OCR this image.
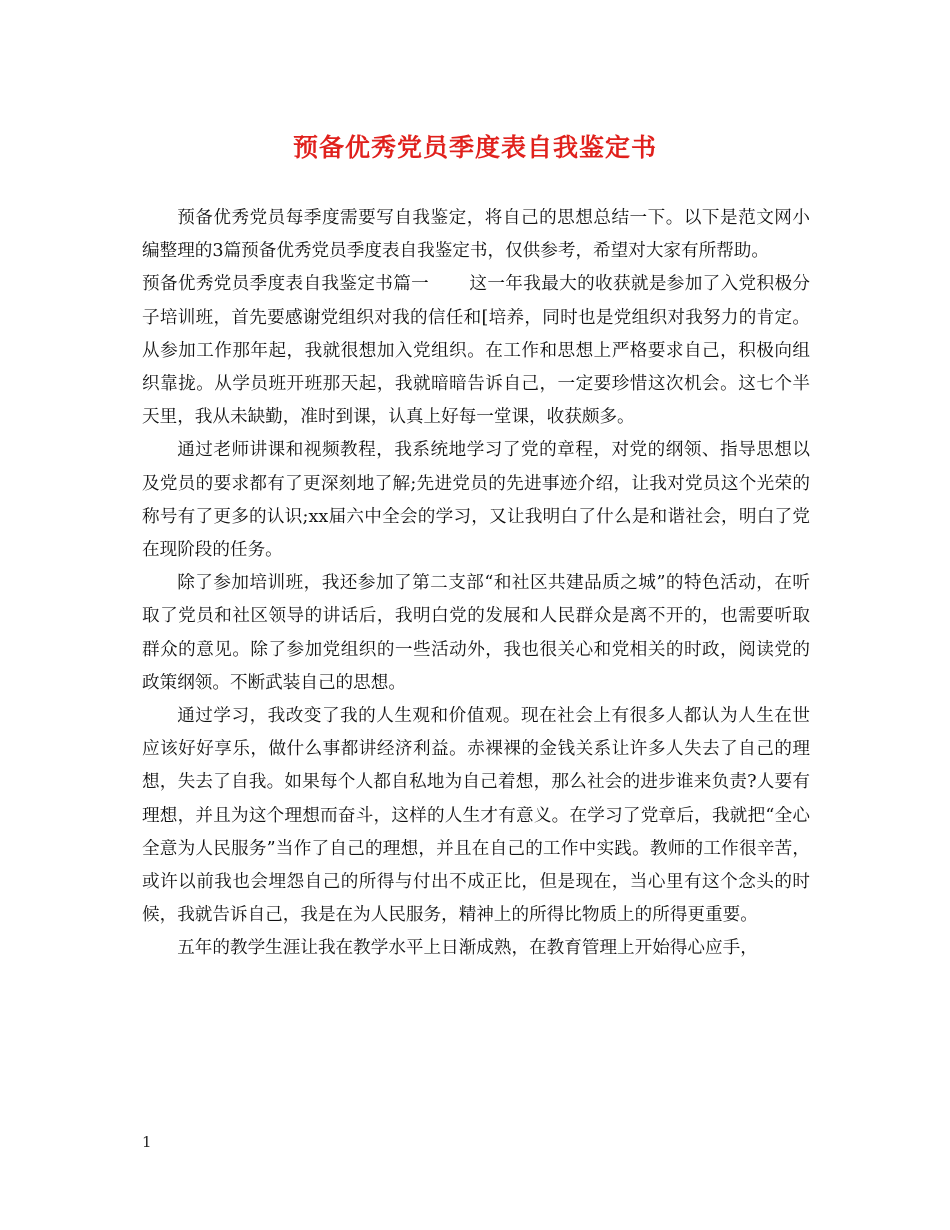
预备优秀党员季度表自我鉴定书

预备优秀党员每季度需要写自我鉴定，将自己的思想总结一下。以下是范文网小编整理的3篇预备优秀党员季度表自我鉴定书，仅供参考，希望对大家有所帮助。

预备优秀党员季度表自我鉴定书篇一 这一年我最大的收获就是参加了入党积极分子培训班，首先要感谢党组织对我的信任和[培养，同时也是党组织对我努力的肯定。从参加工作那年起，我就很想加入党组织。在工作和思想上严格要求自己，积极向组织靠拢。从学员班开班那天起，我就暗暗告诉自己，一定要珍惜这次机会。这七个半天里，我从未缺勤，准时到课，认真上好每一堂课，收获颇多。

通过老师讲课和视频教程，我系统地学习了党的章程，对党的纲领、指导思想以及党员的要求都有了更深刻地了解;先进党员的先进事迹介绍，让我对党员这个光荣的称号有了更多的认识;xx届六中全会的学习，又让我明白了什么是和谐社会，明白了党在现阶段的任务。

除了参加培训班，我还参加了第二支部“和社区共建品质之城”的特色活动，在听取了党员和社区领导的讲话后，我明白党的发展和人民群众是离不开的，也需要听取群众的意见。除了参加党组织的一些活动外，我也很关心和党相关的时政，阅读党的政策纲领。不断武装自己的思想。

通过学习，我改变了我的人生观和价值观。现在社会上有很多人都认为人生在世应该好好享乐，做什么事都讲经济利益。赤裸裸的金钱关系让许多人失去了自己的理想，失去了自我。如果每个人都自私地为自己着想，那么社会的进步谁来负责?人要有理想，并且为这个理想而奋斗，这样的人生才有意义。在学习了党章后，我就把“全心全意为人民服务”当作了自己的理想，并且在自己的工作中实践。教师的工作很辛苦，或许以前我也会埋怨自己的所得与付出不成正比，但是现在，当心里有这个念头的时候，我就告诉自己，我是在为人民服务，精神上的所得比物质上的所得更重要。

五年的教学生涯让我在教学水平上日渐成熟，在教育管理上开始得心应手，

1
